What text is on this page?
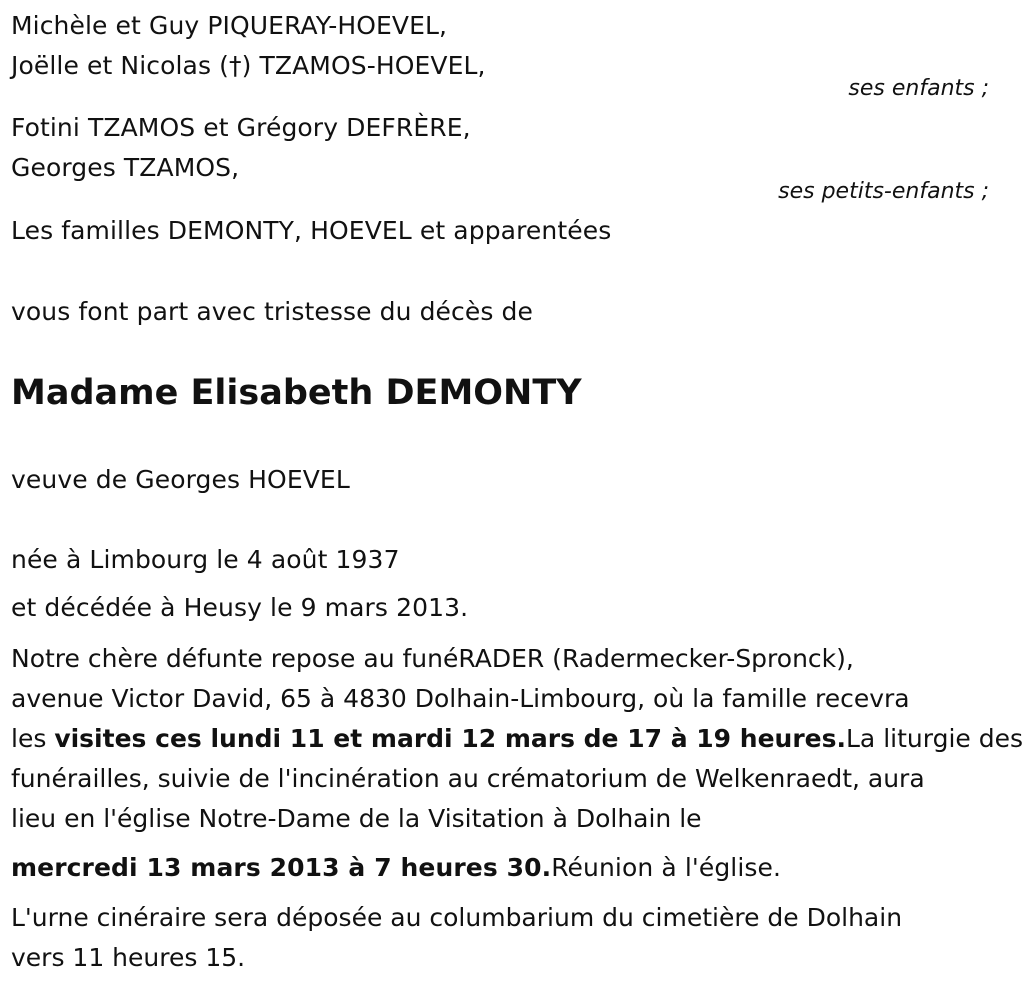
Michèle et Guy PIQUERAY-HOEVEL,
Joëlle et Nicolas (†) TZAMOS-HOEVEL,
ses enfants ;
Fotini TZAMOS et Grégory DEFRÈRE,
Georges TZAMOS,
ses petits-enfants ;
Les familles DEMONTY, HOEVEL et apparentées
vous font part avec tristesse du décès de
Madame Elisabeth DEMONTY
veuve de Georges HOEVEL
née à Limbourg le 4 août 1937
et décédée à Heusy le 9 mars 2013.
Notre chère défunte repose au funéRADER (Radermecker-Spronck),
avenue Victor David, 65 à 4830 Dolhain-Limbourg, où la famille recevra
les visites ces lundi 11 et mardi 12 mars de 17 à 19 heures.La liturgie des
funérailles, suivie de l'incinération au crématorium de Welkenraedt, aura
lieu en l'église Notre-Dame de la Visitation à Dolhain le
mercredi 13 mars 2013 à 7 heures 30.Réunion à l'église.
L'urne cinéraire sera déposée au columbarium du cimetière de Dolhain
vers 11 heures 15.
